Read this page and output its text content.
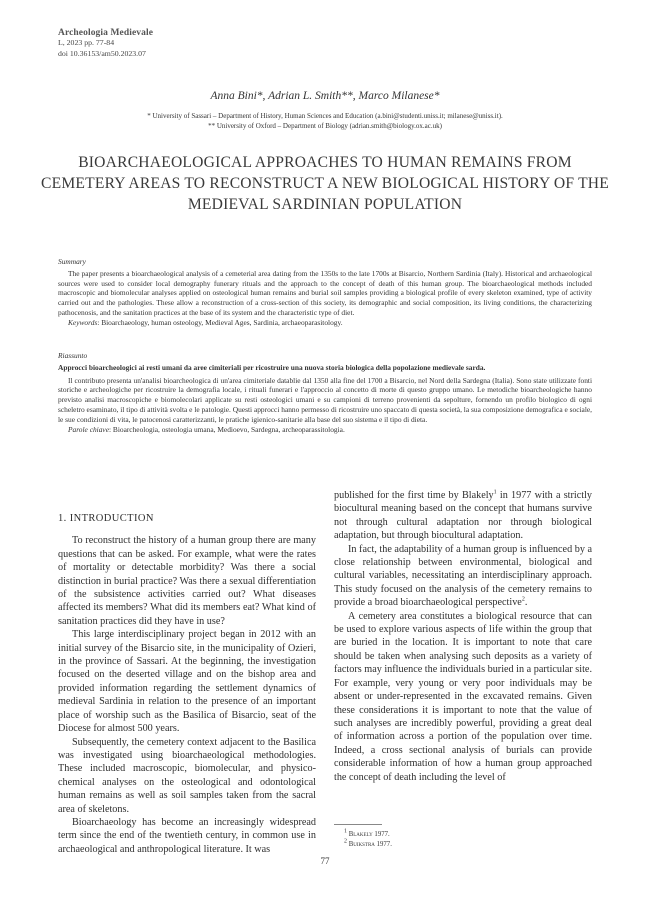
Archeologia Medievale
L, 2023 pp. 77-84
doi 10.36153/am50.2023.07
Anna Bini*, Adrian L. Smith**, Marco Milanese*
* University of Sassari – Department of History, Human Sciences and Education (a.bini@studenti.uniss.it; milanese@uniss.it).
** University of Oxford – Department of Biology (adrian.smith@biology.ox.ac.uk)
BIOARCHAEOLOGICAL APPROACHES TO HUMAN REMAINS FROM CEMETERY AREAS TO RECONSTRUCT A NEW BIOLOGICAL HISTORY OF THE MEDIEVAL SARDINIAN POPULATION
Summary

The paper presents a bioarchaeological analysis of a cemeterial area dating from the 1350s to the late 1700s at Bisarcio, Northern Sardinia (Italy). Historical and archaeological sources were used to consider local demography funerary rituals and the approach to the concept of death of this human group. The bioarchaeological methods included macroscopic and biomolecular analyses applied on osteological human remains and burial soil samples providing a biological profile of every skeleton examined, type of activity carried out and the pathologies. These allow a reconstruction of a cross-section of this society, its demographic and social composition, its living conditions, the characterizing pathocenosis, and the sanitation practices at the base of its system and the characteristic type of diet.

Keywords: Bioarchaeology, human osteology, Medieval Ages, Sardinia, archaeoparasitology.

Riassunto

Approcci bioarcheologici ai resti umani da aree cimiteriali per ricostruire una nuova storia biologica della popolazione medievale sarda.

Il contributo presenta un'analisi bioarcheologica di un'area cimiteriale datablie dal 1350 alla fine del 1700 a Bisarcio, nel Nord della Sardegna (Italia). Sono state utilizzate fonti storiche e archeologiche per ricostruire la demografia locale, i rituali funerari e l'approccio al concetto di morte di questo gruppo umano. Le metodiche bioarcheologiche hanno previsto analisi macroscopiche e biomolecolari applicate su resti osteologici umani e su campioni di terreno provenienti da sepolture, fornendo un profilo biologico di ogni scheletro esaminato, il tipo di attività svolta e le patologie. Questi approcci hanno permesso di ricostruire uno spaccato di questa società, la sua composizione demografica e sociale, le sue condizioni di vita, le patocenosi caratterizzanti, le pratiche igienico-sanitarie alla base del suo sistema e il tipo di dieta.

Parole chiave: Bioarcheologia, osteologia umana, Medioevo, Sardegna, archeoparassitologia.

1. INTRODUCTION

To reconstruct the history of a human group there are many questions that can be asked. For example, what were the rates of mortality or detectable morbidity? Was there a social distinction in burial practice? Was there a sexual differentiation of the subsistence activities carried out? What diseases affected its members? What did its members eat? What kind of sanitation practices did they have in use?

This large interdisciplinary project began in 2012 with an initial survey of the Bisarcio site, in the municipality of Ozieri, in the province of Sassari. At the beginning, the investigation focused on the deserted village and on the bishop area and provided information regarding the settlement dynamics of medieval Sardinia in relation to the presence of an important place of worship such as the Basilica of Bisarcio, seat of the Diocese for almost 500 years.

Subsequently, the cemetery context adjacent to the Basilica was investigated using bioarchaeological methodologies. These included macroscopic, biomolecular, and physico-chemical analyses on the osteological and odontological human remains as well as soil samples taken from the sacral area of skeletons.

Bioarchaeology has become an increasingly widespread term since the end of the twentieth century, in common use in archaeological and anthropological literature. It was

published for the first time by Blakely$^1$ in 1977 with a strictly biocultural meaning based on the concept that humans survive not through cultural adaptation nor through biological adaptation, but through biocultural adaptation.

In fact, the adaptability of a human group is influenced by a close relationship between environmental, biological and cultural variables, necessitating an interdisciplinary approach. This study focused on the analysis of the cemetery remains to provide a broad bioarchaeological perspective$^2$.

A cemetery area constitutes a biological resource that can be used to explore various aspects of life within the group that are buried in the location. It is important to note that care should be taken when analysing such deposits as a variety of factors may influence the individuals buried in a particular site. For example, very young or very poor individuals may be absent or under-represented in the excavated remains. Given these considerations it is important to note that the value of such analyses are incredibly powerful, providing a great deal of information across a portion of the population over time. Indeed, a cross sectional analysis of burials can provide considerable information of how a human group approached the concept of death including the level of

$^1$ Blakely 1977.

$^2$ Buikstra 1977.

77
